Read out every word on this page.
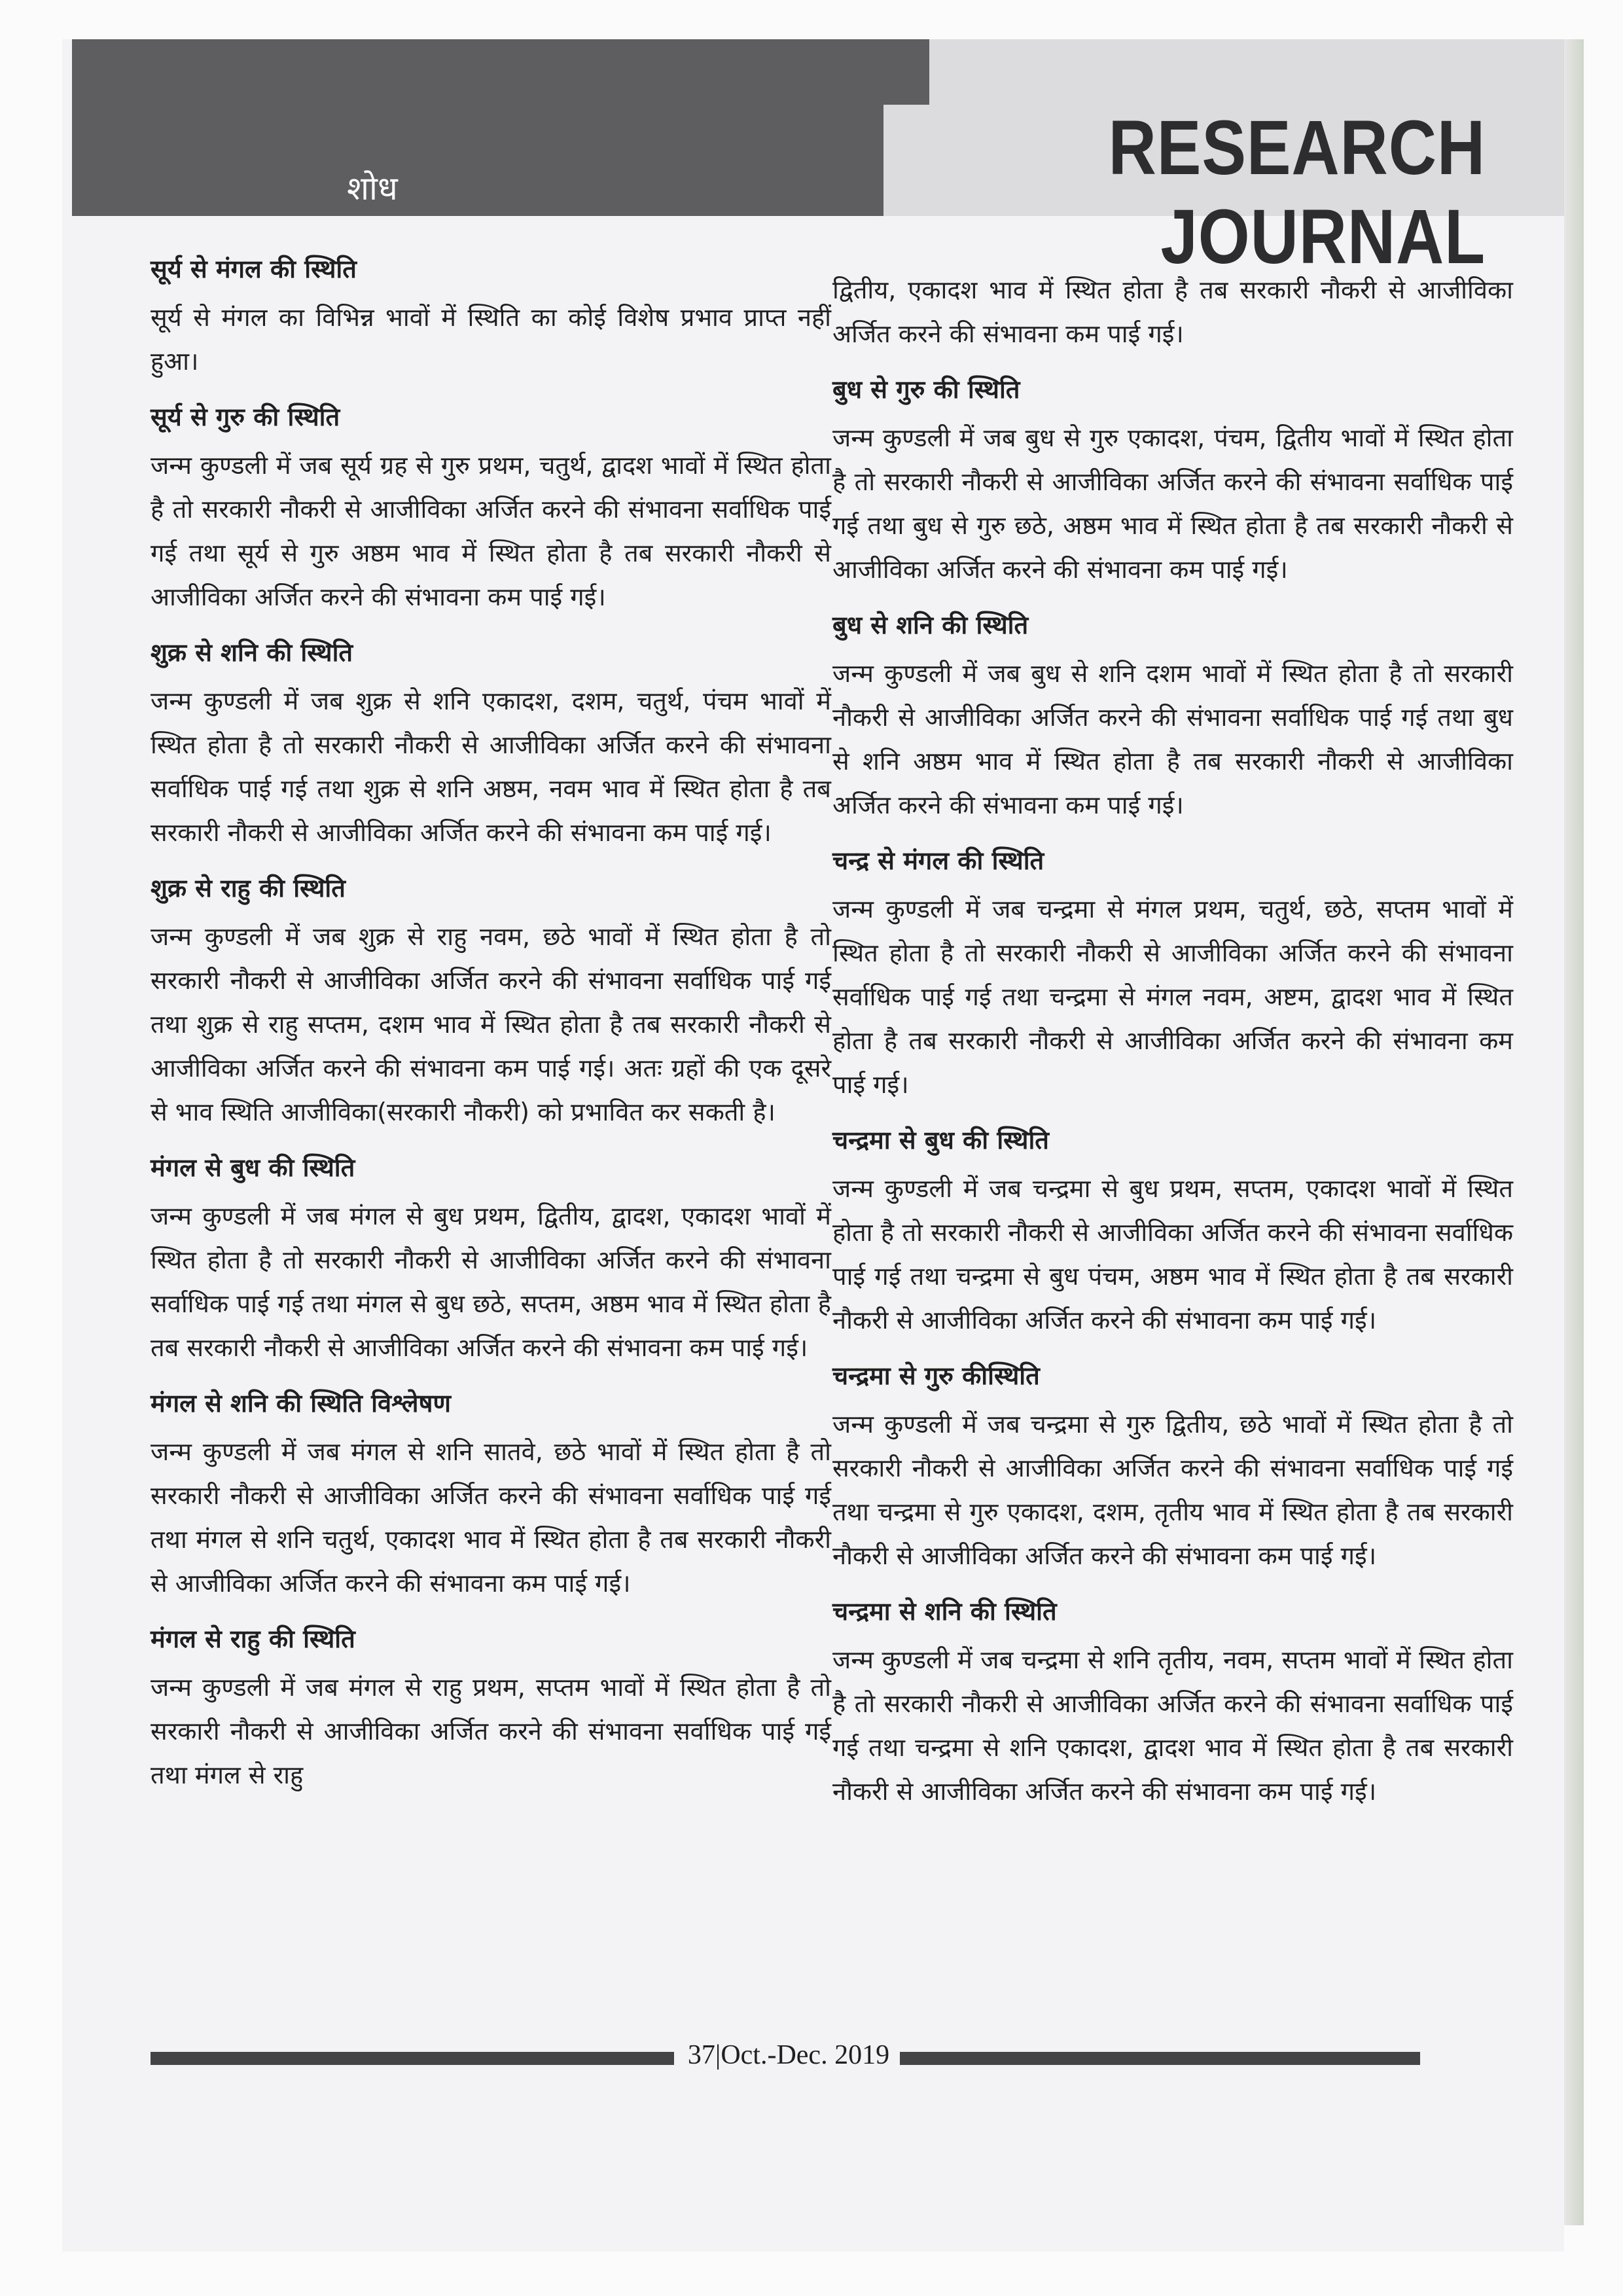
शोध	RESEARCH JOURNAL
सूर्य से मंगल की स्थिति
सूर्य से मंगल का विभिन्न भावों में स्थिति का कोई विशेष प्रभाव प्राप्त नहीं हुआ।
सूर्य से गुरु की स्थिति
जन्म कुण्डली में जब सूर्य ग्रह से गुरु प्रथम, चतुर्थ, द्वादश भावों में स्थित होता है तो सरकारी नौकरी से आजीविका अर्जित करने की संभावना सर्वाधिक पाई गई तथा सूर्य से गुरु अष्ठम भाव में स्थित होता है तब सरकारी नौकरी से आजीविका अर्जित करने की संभावना कम पाई गई।
शुक्र से शनि की स्थिति
जन्म कुण्डली में जब शुक्र से शनि एकादश, दशम, चतुर्थ, पंचम भावों में स्थित होता है तो सरकारी नौकरी से आजीविका अर्जित करने की संभावना सर्वाधिक पाई गई तथा शुक्र से शनि अष्ठम, नवम भाव में स्थित होता है तब सरकारी नौकरी से आजीविका अर्जित करने की संभावना कम पाई गई।
शुक्र से राहु की स्थिति
जन्म कुण्डली में जब शुक्र से राहु नवम, छठे भावों में स्थित होता है तो सरकारी नौकरी से आजीविका अर्जित करने की संभावना सर्वाधिक पाई गई तथा शुक्र से राहु सप्तम, दशम भाव में स्थित होता है तब सरकारी नौकरी से आजीविका अर्जित करने की संभावना कम पाई गई। अतः ग्रहों की एक दूसरे से भाव स्थिति आजीविका(सरकारी नौकरी) को प्रभावित कर सकती है।
मंगल से बुध की स्थिति
जन्म कुण्डली में जब मंगल से बुध प्रथम, द्वितीय, द्वादश, एकादश भावों में स्थित होता है तो सरकारी नौकरी से आजीविका अर्जित करने की संभावना सर्वाधिक पाई गई तथा मंगल से बुध छठे, सप्तम, अष्ठम भाव में स्थित होता है तब सरकारी नौकरी से आजीविका अर्जित करने की संभावना कम पाई गई।
मंगल से शनि की स्थिति विश्लेषण
जन्म कुण्डली में जब मंगल से शनि सातवे, छठे भावों में स्थित होता है तो सरकारी नौकरी से आजीविका अर्जित करने की संभावना सर्वाधिक पाई गई तथा मंगल से शनि चतुर्थ, एकादश भाव में स्थित होता है तब सरकारी नौकरी से आजीविका अर्जित करने की संभावना कम पाई गई।
मंगल से राहु की स्थिति
जन्म कुण्डली में जब मंगल से राहु प्रथम, सप्तम भावों में स्थित होता है तो सरकारी नौकरी से आजीविका अर्जित करने की संभावना सर्वाधिक पाई गई तथा मंगल से राहु
द्वितीय, एकादश भाव में स्थित होता है तब सरकारी नौकरी से आजीविका अर्जित करने की संभावना कम पाई गई।
बुध से गुरु की स्थिति
जन्म कुण्डली में जब बुध से गुरु एकादश, पंचम, द्वितीय भावों में स्थित होता है तो सरकारी नौकरी से आजीविका अर्जित करने की संभावना सर्वाधिक पाई गई तथा बुध से गुरु छठे, अष्ठम भाव में स्थित होता है तब सरकारी नौकरी से आजीविका अर्जित करने की संभावना कम पाई गई।
बुध से शनि की स्थिति
जन्म कुण्डली में जब बुध से शनि दशम भावों में स्थित होता है तो सरकारी नौकरी से आजीविका अर्जित करने की संभावना सर्वाधिक पाई गई तथा बुध से शनि अष्ठम भाव में स्थित होता है तब सरकारी नौकरी से आजीविका अर्जित करने की संभावना कम पाई गई।
चन्द्र से मंगल की स्थिति
जन्म कुण्डली में जब चन्द्रमा से मंगल प्रथम, चतुर्थ, छठे, सप्तम भावों में स्थित होता है तो सरकारी नौकरी से आजीविका अर्जित करने की संभावना सर्वाधिक पाई गई तथा चन्द्रमा से मंगल नवम, अष्टम, द्वादश भाव में स्थित होता है तब सरकारी नौकरी से आजीविका अर्जित करने की संभावना कम पाई गई।
चन्द्रमा से बुध की स्थिति
जन्म कुण्डली में जब चन्द्रमा से बुध प्रथम, सप्तम, एकादश भावों में स्थित होता है तो सरकारी नौकरी से आजीविका अर्जित करने की संभावना सर्वाधिक पाई गई तथा चन्द्रमा से बुध पंचम, अष्ठम भाव में स्थित होता है तब सरकारी नौकरी से आजीविका अर्जित करने की संभावना कम पाई गई।
चन्द्रमा से गुरु कीस्थिति
जन्म कुण्डली में जब चन्द्रमा से गुरु द्वितीय, छठे भावों में स्थित होता है तो सरकारी नौकरी से आजीविका अर्जित करने की संभावना सर्वाधिक पाई गई तथा चन्द्रमा से गुरु एकादश, दशम, तृतीय भाव में स्थित होता है तब सरकारी नौकरी से आजीविका अर्जित करने की संभावना कम पाई गई।
चन्द्रमा से शनि की स्थिति
जन्म कुण्डली में जब चन्द्रमा से शनि तृतीय, नवम, सप्तम भावों में स्थित होता है तो सरकारी नौकरी से आजीविका अर्जित करने की संभावना सर्वाधिक पाई गई तथा चन्द्रमा से शनि एकादश, द्वादश भाव में स्थित होता है तब सरकारी नौकरी से आजीविका अर्जित करने की संभावना कम पाई गई।
37|Oct.-Dec. 2019
